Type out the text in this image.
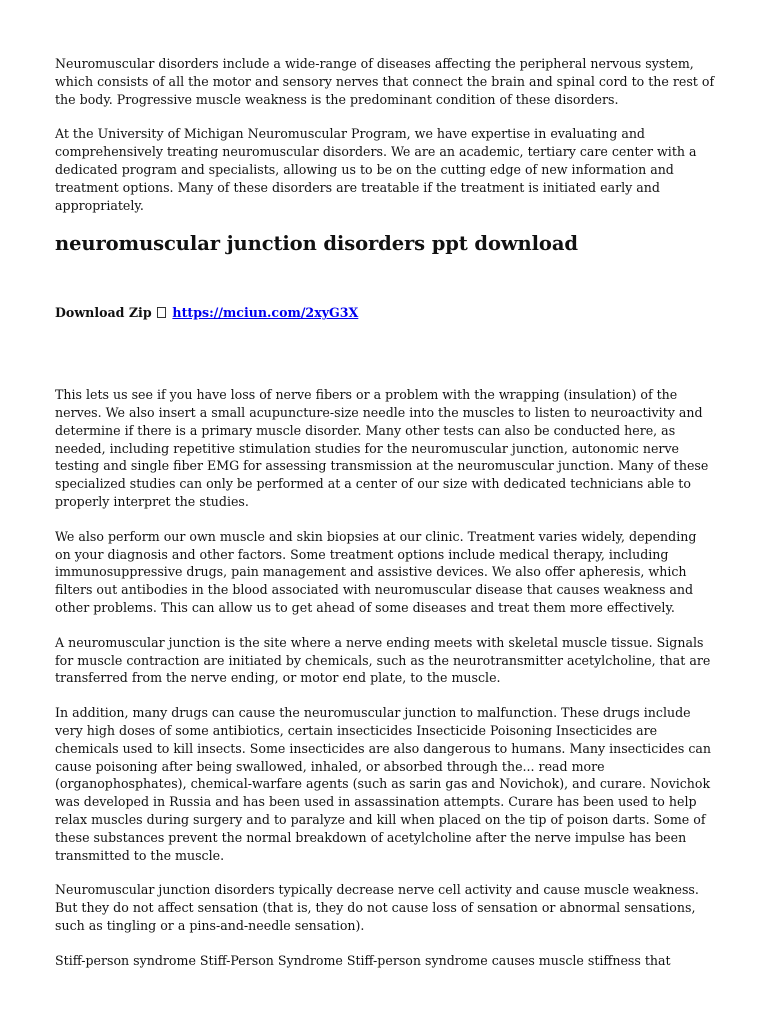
Neuromuscular disorders include a wide-range of diseases affecting the peripheral nervous system, which consists of all the motor and sensory nerves that connect the brain and spinal cord to the rest of the body. Progressive muscle weakness is the predominant condition of these disorders.

At the University of Michigan Neuromuscular Program, we have expertise in evaluating and comprehensively treating neuromuscular disorders. We are an academic, tertiary care center with a dedicated program and specialists, allowing us to be on the cutting edge of new information and treatment options. Many of these disorders are treatable if the treatment is initiated early and appropriately.

neuromuscular junction disorders ppt download
Download Zip https://mciun.com/2xyG3X

This lets us see if you have loss of nerve fibers or a problem with the wrapping (insulation) of the nerves. We also insert a small acupuncture-size needle into the muscles to listen to neuroactivity and determine if there is a primary muscle disorder. Many other tests can also be conducted here, as needed, including repetitive stimulation studies for the neuromuscular junction, autonomic nerve testing and single fiber EMG for assessing transmission at the neuromuscular junction. Many of these specialized studies can only be performed at a center of our size with dedicated technicians able to properly interpret the studies.

We also perform our own muscle and skin biopsies at our clinic. Treatment varies widely, depending on your diagnosis and other factors. Some treatment options include medical therapy, including immunosuppressive drugs, pain management and assistive devices. We also offer apheresis, which filters out antibodies in the blood associated with neuromuscular disease that causes weakness and other problems. This can allow us to get ahead of some diseases and treat them more effectively.

A neuromuscular junction is the site where a nerve ending meets with skeletal muscle tissue. Signals for muscle contraction are initiated by chemicals, such as the neurotransmitter acetylcholine, that are transferred from the nerve ending, or motor end plate, to the muscle.

In addition, many drugs can cause the neuromuscular junction to malfunction. These drugs include very high doses of some antibiotics, certain insecticides Insecticide Poisoning Insecticides are chemicals used to kill insects. Some insecticides are also dangerous to humans. Many insecticides can cause poisoning after being swallowed, inhaled, or absorbed through the... read more (organophosphates), chemical-warfare agents (such as sarin gas and Novichok), and curare. Novichok was developed in Russia and has been used in assassination attempts. Curare has been used to help relax muscles during surgery and to paralyze and kill when placed on the tip of poison darts. Some of these substances prevent the normal breakdown of acetylcholine after the nerve impulse has been transmitted to the muscle.

Neuromuscular junction disorders typically decrease nerve cell activity and cause muscle weakness. But they do not affect sensation (that is, they do not cause loss of sensation or abnormal sensations, such as tingling or a pins-and-needle sensation).

Stiff-person syndrome Stiff-Person Syndrome Stiff-person syndrome causes muscle stiffness that
